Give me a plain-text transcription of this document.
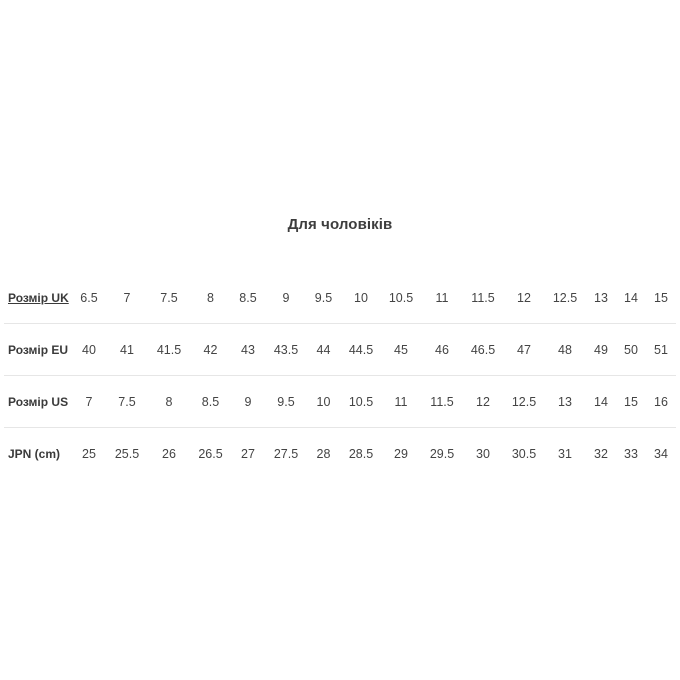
Для чоловіків
Розмір UK	6.5	7	7.5	8	8.5	9	9.5	10	10.5	11	11.5	12	12.5	13	14	15
Розмір EU	40	41	41.5	42	43	43.5	44	44.5	45	46	46.5	47	48	49	50	51
Розмір US	7	7.5	8	8.5	9	9.5	10	10.5	11	11.5	12	12.5	13	14	15	16
JPN (cm)	25	25.5	26	26.5	27	27.5	28	28.5	29	29.5	30	30.5	31	32	33	34
